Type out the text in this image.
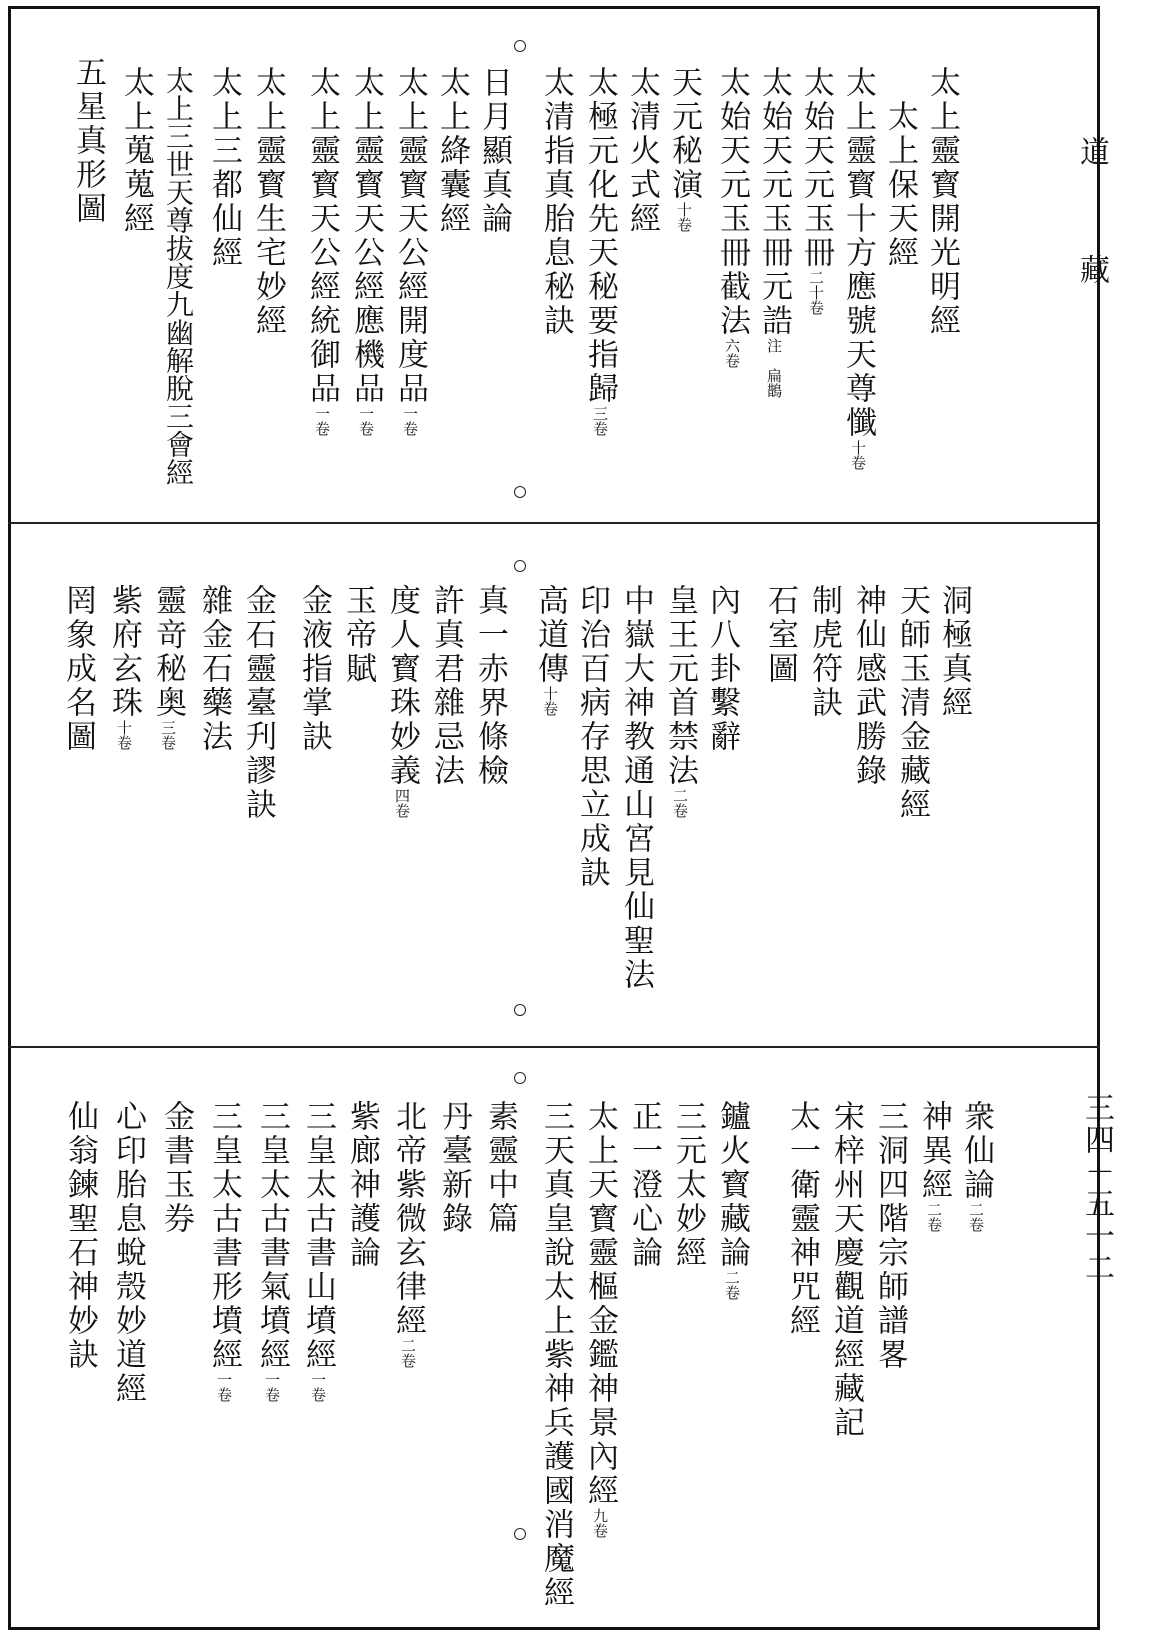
道
藏
三四－五一二
太上靈寳開光明經
太上保天經
太上靈寳十方應號天尊懺十卷
太始天元玉冊二十卷
太始天元玉冊元誥注　扁鵲
太始天元玉冊截法六卷
天元秘演十卷
太清火式經
太極元化先天秘要指歸三卷
太清指真胎息秘訣
日月顯真論
太上絳囊經
太上靈寳天公經開度品一卷
太上靈寳天公經應機品一卷
太上靈寳天公經統御品一卷
太上靈寳生宅妙經
太上三都仙經
太上三世天尊拔度九幽解脫三會經
太上蒐蒐經
五星真形圖
洞極真經
天師玉清金藏經
神仙感武勝錄
制虎符訣
石室圖
內八卦繫辭
皇王元首禁法二卷
中嶽大神教通山宮見仙聖法
印治百病存思立成訣
高道傳十卷
真一赤界條檢
許真君雜忌法
度人寳珠妙義四卷
玉帝賦
金液指掌訣
金石靈臺刋謬訣
雜金石藥法
靈竒秘奥三卷
紫府玄珠十卷
罔象成名圖
衆仙論二卷
神異經二卷
三洞四階宗師譜畧
宋梓州天慶觀道經藏記
太一衛靈神咒經
鑪火寳藏論二卷
三元太妙經
正一澄心論
太上天寳靈樞金鑑神景內經九卷
三天真皇說太上紫神兵護國消魔經
素靈中篇
丹臺新錄
北帝紫微玄律經二卷
紫廊神護論
三皇太古書山墳經一卷
三皇太古書氣墳經一卷
三皇太古書形墳經一卷
金書玉券
心印胎息蛻殼妙道經
仙翁鍊聖石神妙訣
